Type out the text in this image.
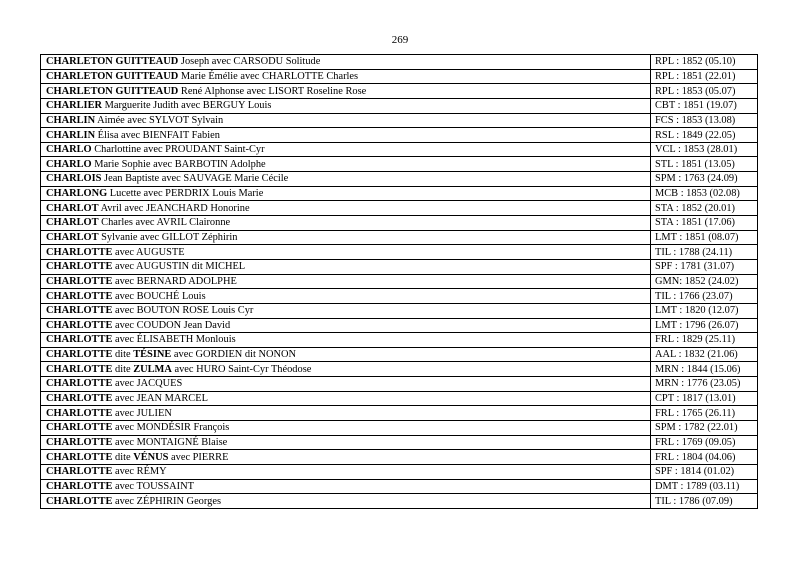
269
CHARLETON GUITTEAUD Joseph avec CARSODU Solitude	RPL : 1852 (05.10)
CHARLETON GUITTEAUD Marie Émélie avec CHARLOTTE Charles	RPL : 1851 (22.01)
CHARLETON GUITTEAUD René Alphonse avec LISORT Roseline Rose	RPL : 1853 (05.07)
CHARLIER Marguerite Judith avec BERGUY Louis	CBT : 1851 (19.07)
CHARLIN Aimée avec SYLVOT Sylvain	FCS : 1853 (13.08)
CHARLIN Élisa avec BIENFAIT Fabien	RSL : 1849 (22.05)
CHARLO Charlottine avec PROUDANT Saint-Cyr	VCL : 1853 (28.01)
CHARLO Marie Sophie avec BARBOTIN Adolphe	STL : 1851 (13.05)
CHARLOIS Jean Baptiste avec SAUVAGE Marie Cécile	SPM : 1763 (24.09)
CHARLONG Lucette avec PERDRIX Louis Marie	MCB : 1853 (02.08)
CHARLOT Avril avec JEANCHARD Honorine	STA : 1852 (20.01)
CHARLOT Charles avec AVRIL Claironne	STA : 1851 (17.06)
CHARLOT Sylvanie avec GILLOT Zéphirin	LMT : 1851 (08.07)
CHARLOTTE avec AUGUSTE	TIL : 1788 (24.11)
CHARLOTTE avec AUGUSTIN dit MICHEL	SPF : 1781 (31.07)
CHARLOTTE avec BERNARD ADOLPHE	GMN: 1852 (24.02)
CHARLOTTE avec BOUCHÉ Louis	TIL : 1766 (23.07)
CHARLOTTE avec BOUTON ROSE Louis Cyr	LMT : 1820 (12.07)
CHARLOTTE avec COUDON Jean David	LMT : 1796 (26.07)
CHARLOTTE avec ÉLISABETH Monlouis	FRL : 1829 (25.11)
CHARLOTTE dite TÉSINE avec GORDIEN dit NONON	AAL : 1832 (21.06)
CHARLOTTE dite ZULMA avec HURO Saint-Cyr Théodose	MRN : 1844 (15.06)
CHARLOTTE avec JACQUES	MRN : 1776 (23.05)
CHARLOTTE avec JEAN MARCEL	CPT : 1817 (13.01)
CHARLOTTE avec JULIEN	FRL : 1765 (26.11)
CHARLOTTE avec MONDÉSIR François	SPM : 1782 (22.01)
CHARLOTTE avec MONTAIGNÉ Blaise	FRL : 1769 (09.05)
CHARLOTTE dite VÉNUS avec PIERRE	FRL : 1804 (04.06)
CHARLOTTE avec RÉMY	SPF : 1814 (01.02)
CHARLOTTE avec TOUSSAINT	DMT : 1789 (03.11)
CHARLOTTE avec ZÉPHIRIN Georges	TIL : 1786 (07.09)
